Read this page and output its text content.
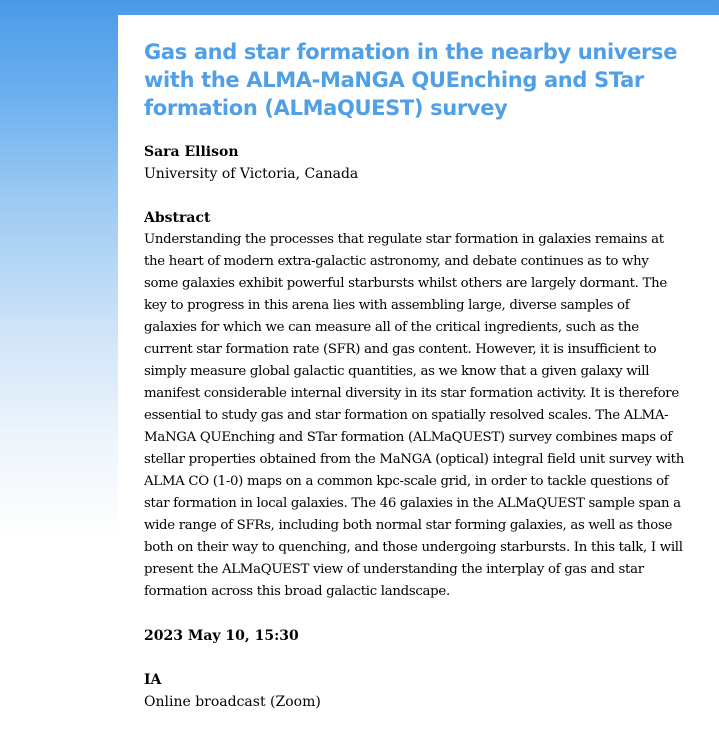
Gas and star formation in the nearby universe with the ALMA-MaNGA QUEnching and STar formation (ALMaQUEST) survey
Sara Ellison
University of Victoria, Canada
Abstract
Understanding the processes that regulate star formation in galaxies remains at the heart of modern extra-galactic astronomy, and debate continues as to why some galaxies exhibit powerful starbursts whilst others are largely dormant. The key to progress in this arena lies with assembling large, diverse samples of galaxies for which we can measure all of the critical ingredients, such as the current star formation rate (SFR) and gas content. However, it is insufficient to simply measure global galactic quantities, as we know that a given galaxy will manifest considerable internal diversity in its star formation activity. It is therefore essential to study gas and star formation on spatially resolved scales. The ALMA-MaNGA QUEnching and STar formation (ALMaQUEST) survey combines maps of stellar properties obtained from the MaNGA (optical) integral field unit survey with ALMA CO (1-0) maps on a common kpc-scale grid, in order to tackle questions of star formation in local galaxies. The 46 galaxies in the ALMaQUEST sample span a wide range of SFRs, including both normal star forming galaxies, as well as those both on their way to quenching, and those undergoing starbursts. In this talk, I will present the ALMaQUEST view of understanding the interplay of gas and star formation across this broad galactic landscape.
2023 May 10, 15:30
IA
Online broadcast (Zoom)
